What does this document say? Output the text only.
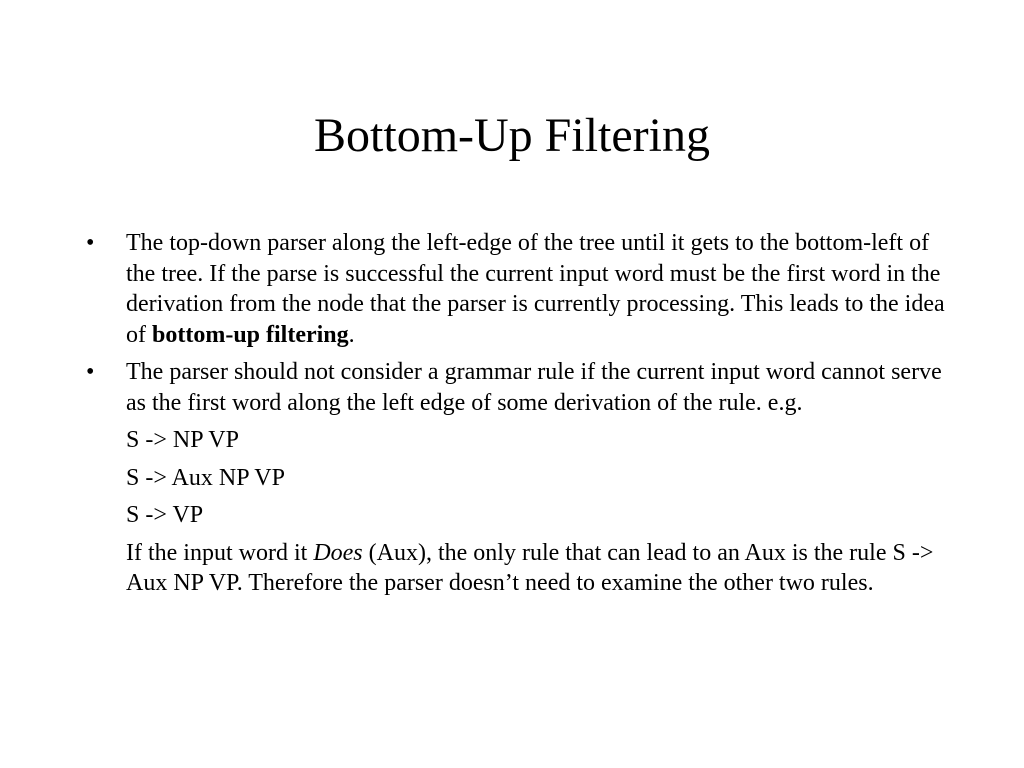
Bottom-Up Filtering
•	The top-down parser along the left-edge of the tree until it gets to the bottom-left of the tree. If the parse is successful the current input word must be the first word in the derivation from the node that the parser is currently processing. This leads to the idea of bottom-up filtering.
•	The parser should not consider a grammar rule if the current input word cannot serve as the first word along the left edge of some derivation of the rule. e.g.
S -> NP VP
S -> Aux NP VP
S -> VP
If the input word it Does (Aux), the only rule that can lead to an Aux is the rule S -> Aux NP VP. Therefore the parser doesn’t need to examine the other two rules.
